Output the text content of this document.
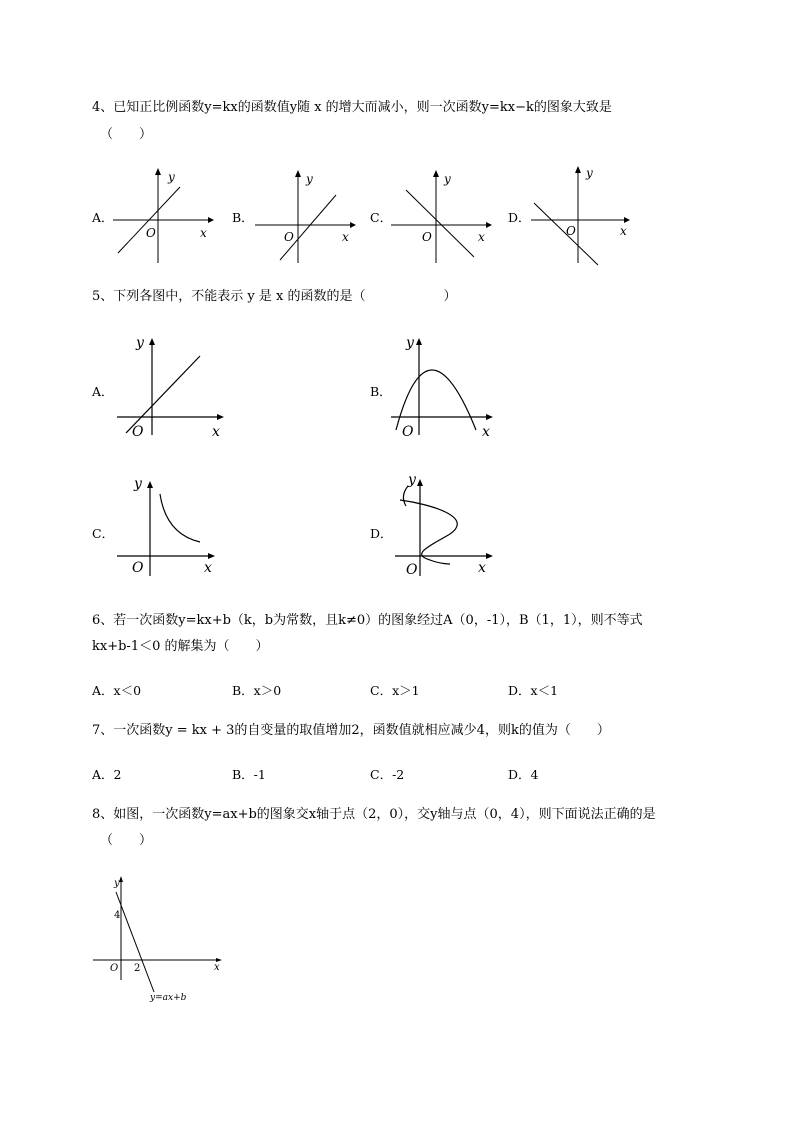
4、已知正比例函数y=kx的函数值y随 x 的增大而减小，则一次函数y=kx−k的图象大致是
（　　）
A．
y
x
O
B．
y
x
O
C．
y
x
O
D．
y
x
O
5、下列各图中，不能表示 y 是 x 的函数的是（　　　　　　）
A．
y
x
O
B．
y
x
O
C．
y
x
O
D．
y
x
O
6、若一次函数y=kx+b（k，b为常数，且k≠0）的图象经过A（0，-1），B（1，1），则不等式
kx+b-1＜0 的解集为（　　）
A．x＜0	B．x＞0	C．x＞1	D．x＜1
7、一次函数y = kx + 3的自变量的取值增加2，函数值就相应减少4，则k的值为（　　）
A．2	B．-1	C．-2	D．4
8、如图，一次函数y=ax+b的图象交x轴于点（2，0），交y轴与点（0，4），则下面说法正确的是
（　　）
y
x
O
4
2
y=ax+b
